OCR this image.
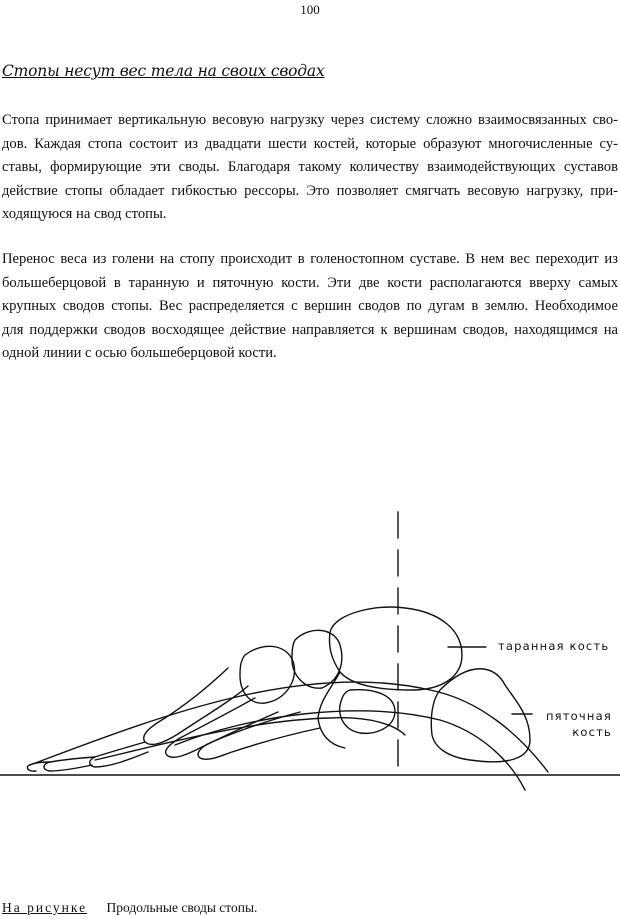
100
Стопы несут вес тела на своих сводах
Стопа принимает вертикальную весовую нагрузку через систему сложно взаимосвязанных сво-
дов. Каждая стопа состоит из двадцати шести костей, которые образуют многочисленные су-
ставы, формирующие эти своды. Благодаря такому количеству взаимодействующих суставов
действие стопы обладает гибкостью рессоры. Это позволяет смягчать весовую нагрузку, при-
ходящуюся на свод стопы.
Перенос веса из голени на стопу происходит в голеностопном суставе. В нем вес переходит из
большеберцовой в таранную и пяточную кости. Эти две кости располагаются вверху самых
крупных сводов стопы. Вес распределяется с вершин сводов по дугам в землю. Необходимое
для поддержки сводов восходящее действие направляется к вершинам сводов, находящимся на
одной линии с осью большеберцовой кости.
таранная кость
пяточная
кость
На рисунке Продольные своды стопы.
